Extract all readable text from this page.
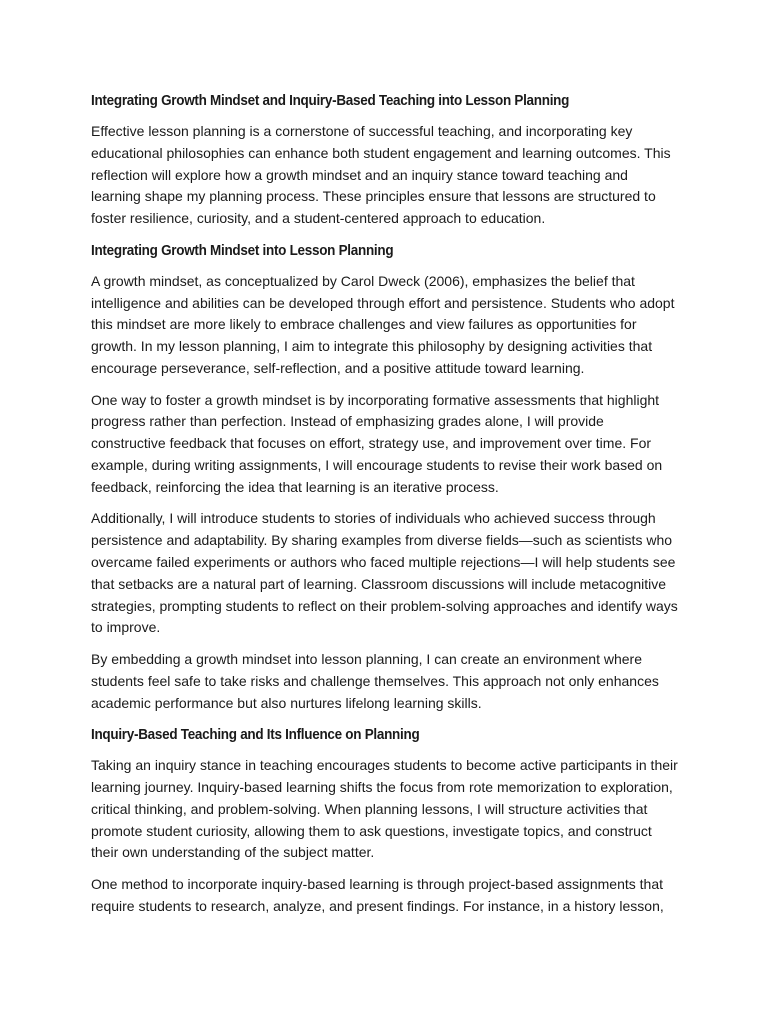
Integrating Growth Mindset and Inquiry-Based Teaching into Lesson Planning

Effective lesson planning is a cornerstone of successful teaching, and incorporating key educational philosophies can enhance both student engagement and learning outcomes. This reflection will explore how a growth mindset and an inquiry stance toward teaching and learning shape my planning process. These principles ensure that lessons are structured to foster resilience, curiosity, and a student-centered approach to education.

Integrating Growth Mindset into Lesson Planning

A growth mindset, as conceptualized by Carol Dweck (2006), emphasizes the belief that intelligence and abilities can be developed through effort and persistence. Students who adopt this mindset are more likely to embrace challenges and view failures as opportunities for growth. In my lesson planning, I aim to integrate this philosophy by designing activities that encourage perseverance, self-reflection, and a positive attitude toward learning.

One way to foster a growth mindset is by incorporating formative assessments that highlight progress rather than perfection. Instead of emphasizing grades alone, I will provide constructive feedback that focuses on effort, strategy use, and improvement over time. For example, during writing assignments, I will encourage students to revise their work based on feedback, reinforcing the idea that learning is an iterative process.

Additionally, I will introduce students to stories of individuals who achieved success through persistence and adaptability. By sharing examples from diverse fields—such as scientists who overcame failed experiments or authors who faced multiple rejections—I will help students see that setbacks are a natural part of learning. Classroom discussions will include metacognitive strategies, prompting students to reflect on their problem-solving approaches and identify ways to improve.

By embedding a growth mindset into lesson planning, I can create an environment where students feel safe to take risks and challenge themselves. This approach not only enhances academic performance but also nurtures lifelong learning skills.

Inquiry-Based Teaching and Its Influence on Planning

Taking an inquiry stance in teaching encourages students to become active participants in their learning journey. Inquiry-based learning shifts the focus from rote memorization to exploration, critical thinking, and problem-solving. When planning lessons, I will structure activities that promote student curiosity, allowing them to ask questions, investigate topics, and construct their own understanding of the subject matter.

One method to incorporate inquiry-based learning is through project-based assignments that require students to research, analyze, and present findings. For instance, in a history lesson,
